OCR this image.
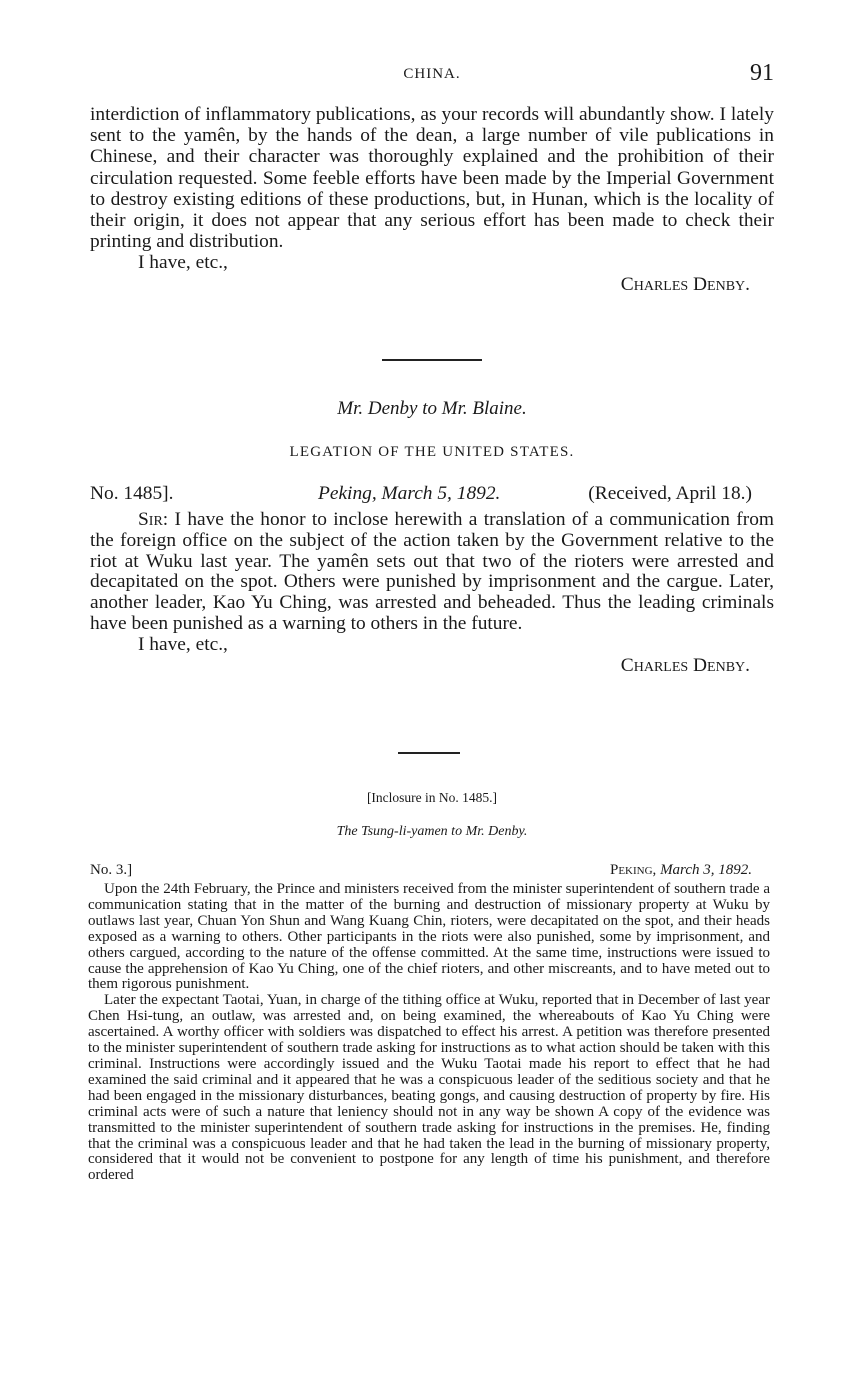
CHINA.	91

interdiction of inflammatory publications, as your records will abundantly show. I lately sent to the yamên, by the hands of the dean, a large number of vile publications in Chinese, and their character was thoroughly explained and the prohibition of their circulation requested. Some feeble efforts have been made by the Imperial Government to destroy existing editions of these productions, but, in Hunan, which is the locality of their origin, it does not appear that any serious effort has been made to check their printing and distribution.

I have, etc.,

Charles Denby.

Mr. Denby to Mr. Blaine.
LEGATION OF THE UNITED STATES.
No. 1485].	Peking, March 5, 1892.	(Received, April 18.)

Sir: I have the honor to inclose herewith a translation of a communication from the foreign office on the subject of the action taken by the Government relative to the riot at Wuku last year. The yamên sets out that two of the rioters were arrested and decapitated on the spot. Others were punished by imprisonment and the cargue. Later, another leader, Kao Yu Ching, was arrested and beheaded. Thus the leading criminals have been punished as a warning to others in the future.

I have, etc.,

Charles Denby.

[Inclosure in No. 1485.]
The Tsung-li-yamen to Mr. Denby.
No. 3.]	Peking, March 3, 1892.

Upon the 24th February, the Prince and ministers received from the minister superintendent of southern trade a communication stating that in the matter of the burning and destruction of missionary property at Wuku by outlaws last year, Chuan Yon Shun and Wang Kuang Chin, rioters, were decapitated on the spot, and their heads exposed as a warning to others. Other participants in the riots were also punished, some by imprisonment, and others cargued, according to the nature of the offense committed. At the same time, instructions were issued to cause the apprehension of Kao Yu Ching, one of the chief rioters, and other miscreants, and to have meted out to them rigorous punishment.

Later the expectant Taotai, Yuan, in charge of the tithing office at Wuku, reported that in December of last year Chen Hsi-tung, an outlaw, was arrested and, on being examined, the whereabouts of Kao Yu Ching were ascertained. A worthy officer with soldiers was dispatched to effect his arrest. A petition was therefore presented to the minister superintendent of southern trade asking for instructions as to what action should be taken with this criminal. Instructions were accordingly issued and the Wuku Taotai made his report to effect that he had examined the said criminal and it appeared that he was a conspicuous leader of the seditious society and that he had been engaged in the missionary disturbances, beating gongs, and causing destruction of property by fire. His criminal acts were of such a nature that leniency should not in any way be shown A copy of the evidence was transmitted to the minister superintendent of southern trade asking for instructions in the premises. He, finding that the criminal was a conspicuous leader and that he had taken the lead in the burning of missionary property, considered that it would not be convenient to postpone for any length of time his punishment, and therefore ordered
